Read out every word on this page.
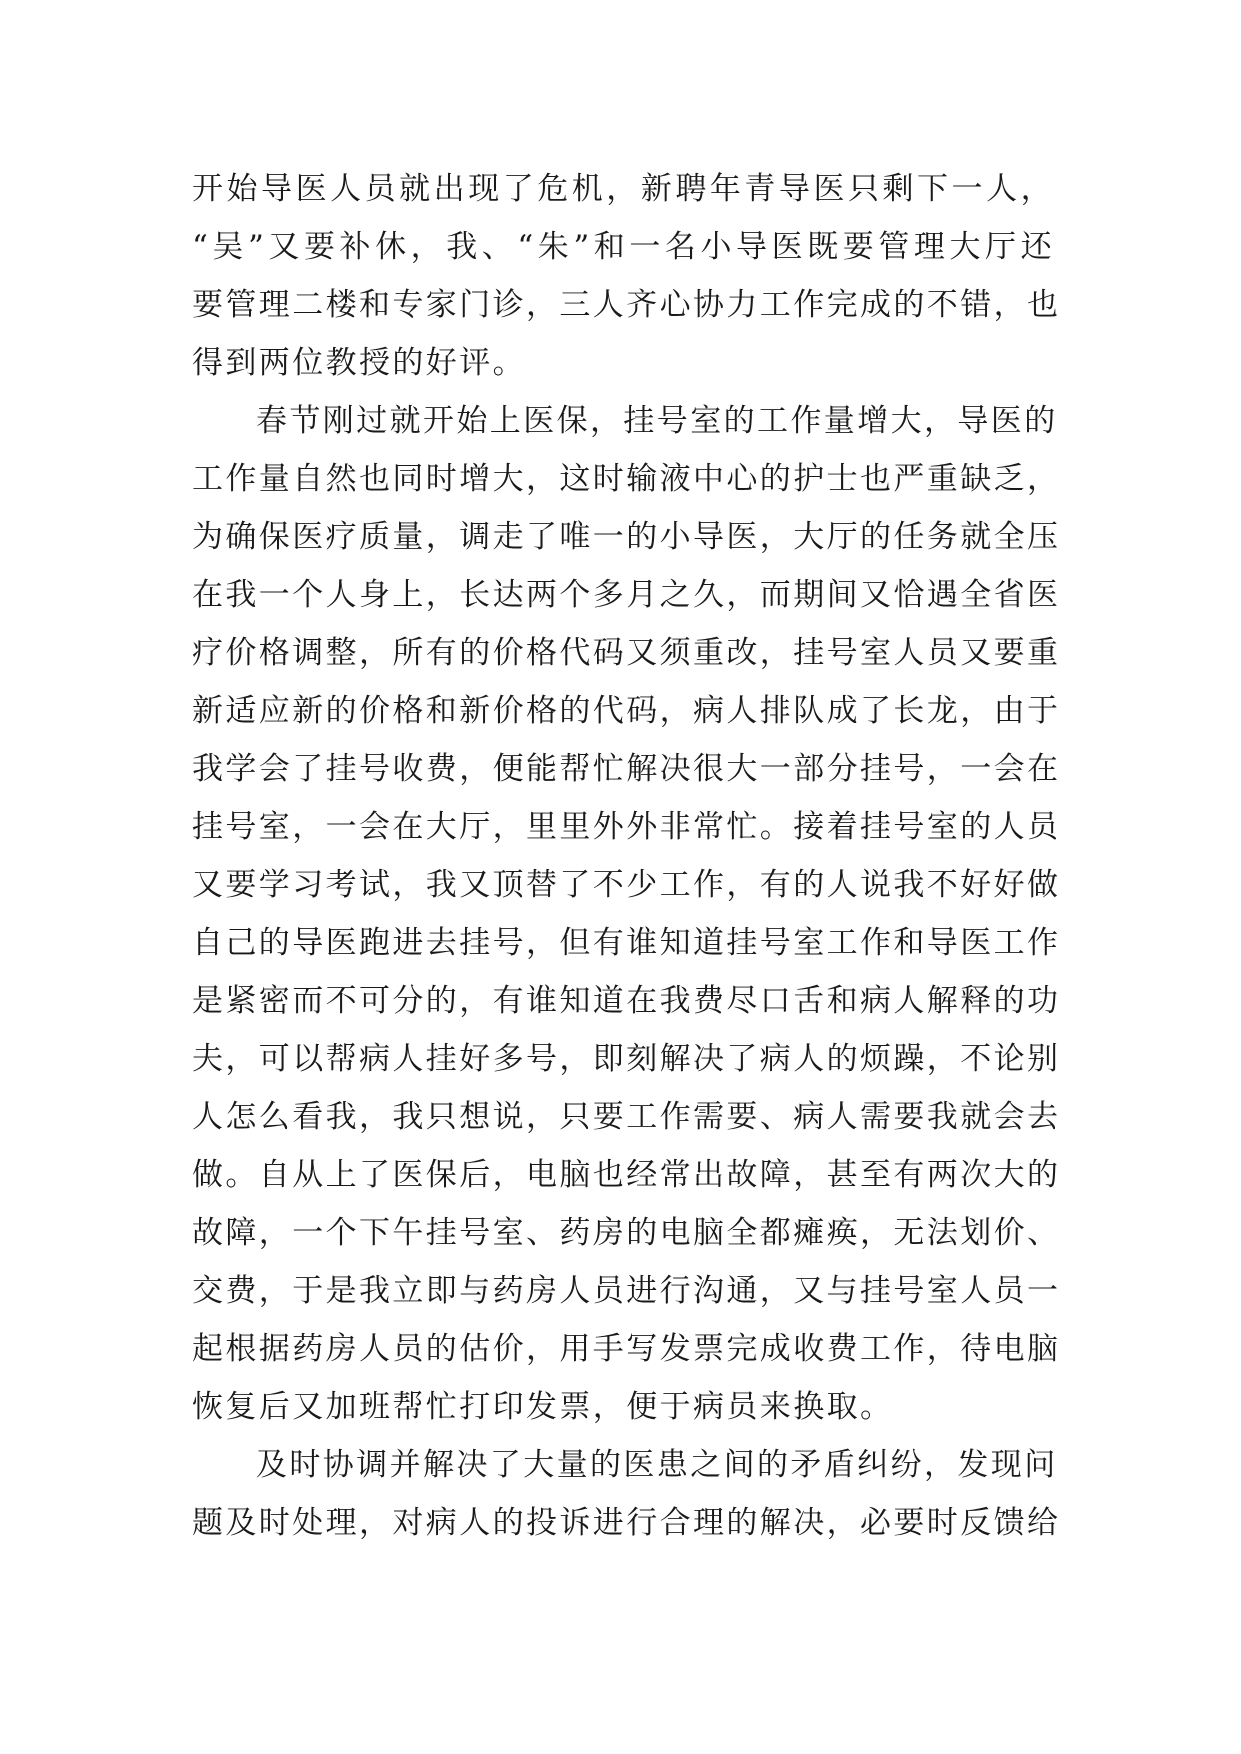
开始导医人员就出现了危机，新聘年青导医只剩下一人，
“吴”又要补休，我、“朱”和一名小导医既要管理大厅还
要管理二楼和专家门诊，三人齐心协力工作完成的不错，也
得到两位教授的好评。
春节刚过就开始上医保，挂号室的工作量增大，导医的
工作量自然也同时增大，这时输液中心的护士也严重缺乏，
为确保医疗质量，调走了唯一的小导医，大厅的任务就全压
在我一个人身上，长达两个多月之久，而期间又恰遇全省医
疗价格调整，所有的价格代码又须重改，挂号室人员又要重
新适应新的价格和新价格的代码，病人排队成了长龙，由于
我学会了挂号收费，便能帮忙解决很大一部分挂号，一会在
挂号室，一会在大厅，里里外外非常忙。接着挂号室的人员
又要学习考试，我又顶替了不少工作，有的人说我不好好做
自己的导医跑进去挂号，但有谁知道挂号室工作和导医工作
是紧密而不可分的，有谁知道在我费尽口舌和病人解释的功
夫，可以帮病人挂好多号，即刻解决了病人的烦躁，不论别
人怎么看我，我只想说，只要工作需要、病人需要我就会去
做。自从上了医保后，电脑也经常出故障，甚至有两次大的
故障，一个下午挂号室、药房的电脑全都瘫痪，无法划价、
交费，于是我立即与药房人员进行沟通，又与挂号室人员一
起根据药房人员的估价，用手写发票完成收费工作，待电脑
恢复后又加班帮忙打印发票，便于病员来换取。
及时协调并解决了大量的医患之间的矛盾纠纷，发现问
题及时处理，对病人的投诉进行合理的解决，必要时反馈给
